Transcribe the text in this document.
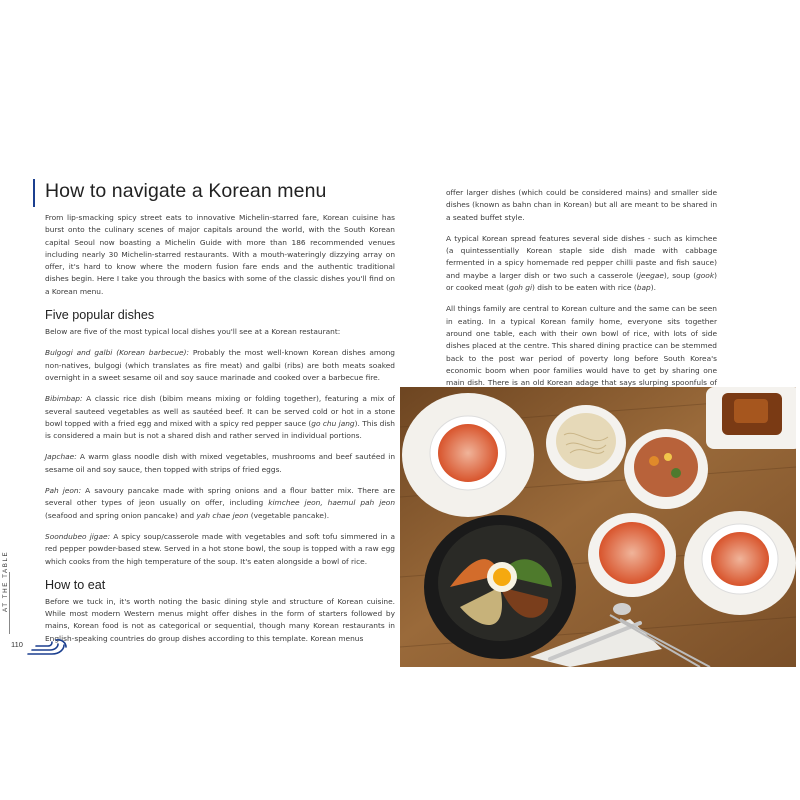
How to navigate a Korean menu

From lip-smacking spicy street eats to innovative Michelin-starred fare, Korean cuisine has burst onto the culinary scenes of major capitals around the world, with the South Korean capital Seoul now boasting a Michelin Guide with more than 186 recommended venues including nearly 30 Michelin-starred restaurants. With a mouth-wateringly dizzying array on offer, it's hard to know where the modern fusion fare ends and the authentic traditional dishes begin. Here I take you through the basics with some of the classic dishes you'll find on a Korean menu.

Five popular dishes

Below are five of the most typical local dishes you'll see at a Korean restaurant:

Bulgogi and galbi (Korean barbecue): Probably the most well-known Korean dishes among non-natives, bulgogi (which translates as fire meat) and galbi (ribs) are both meats soaked overnight in a sweet sesame oil and soy sauce marinade and cooked over a barbecue fire.

Bibimbap: A classic rice dish (bibim means mixing or folding together), featuring a mix of several sauteed vegetables as well as sautéed beef. It can be served cold or hot in a stone bowl topped with a fried egg and mixed with a spicy red pepper sauce (go chu jang). This dish is considered a main but is not a shared dish and rather served in individual portions.

Japchae: A warm glass noodle dish with mixed vegetables, mushrooms and beef sautéed in sesame oil and soy sauce, then topped with strips of fried eggs.

Pah jeon: A savoury pancake made with spring onions and a flour batter mix. There are several other types of jeon usually on offer, including kimchee jeon, haemul pah jeon (seafood and spring onion pancake) and yah chae jeon (vegetable pancake).

Soondubeo jigae: A spicy soup/casserole made with vegetables and soft tofu simmered in a red pepper powder-based stew. Served in a hot stone bowl, the soup is topped with a raw egg which cooks from the high temperature of the soup. It's eaten alongside a bowl of rice.

How to eat

Before we tuck in, it's worth noting the basic dining style and structure of Korean cuisine. While most modern Western menus might offer dishes in the form of starters followed by mains, Korean food is not as categorical or sequential, though many Korean restaurants in English-speaking countries do group dishes according to this template. Korean menus

offer larger dishes (which could be considered mains) and smaller side dishes (known as bahn chan in Korean) but all are meant to be shared in a seated buffet style.

A typical Korean spread features several side dishes - such as kimchee (a quintessentially Korean staple side dish made with cabbage fermented in a spicy homemade red pepper chilli paste and fish sauce) and maybe a larger dish or two such a casserole (jeegae), soup (gook) or cooked meat (goh gi) dish to be eaten with rice (bap).

All things family are central to Korean culture and the same can be seen in eating. In a typical Korean family home, everyone sits together around one table, each with their own bowl of rice, with lots of side dishes placed at the centre. This shared dining practice can be stemmed back to the post war period of poverty long before South Korea's economic boom when poor families would have to get by sharing one main dish. There is an old Korean adage that says slurping spoonfuls of

AT THE TABLE
110
